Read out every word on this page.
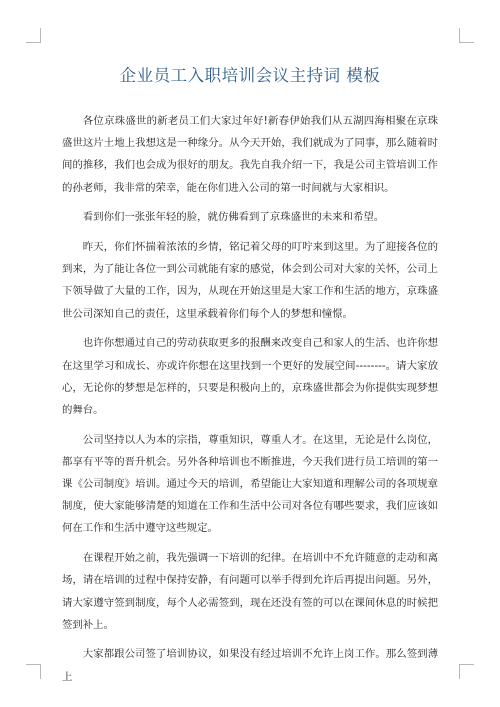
企业员工入职培训会议主持词 模板

各位京珠盛世的新老员工们大家过年好!新春伊始我们从五湖四海相聚在京珠盛世这片土地上我想这是一种缘分。从今天开始，我们就成为了同事，那么随着时间的推移，我们也会成为很好的朋友。我先自我介绍一下，我是公司主管培训工作的孙老师，我非常的荣幸，能在你们进入公司的第一时间就与大家相识。

看到你们一张张年轻的脸，就仿佛看到了京珠盛世的未来和希望。

昨天，你们怀揣着浓浓的乡情，铭记着父母的叮咛来到这里。为了迎接各位的到来，为了能让各位一到公司就能有家的感觉，体会到公司对大家的关怀，公司上下领导做了大量的工作，因为，从现在开始这里是大家工作和生活的地方，京珠盛世公司深知自己的责任，这里承载着你们每个人的梦想和憧憬。

也许你想通过自己的劳动获取更多的报酬来改变自己和家人的生活、也许你想在这里学习和成长、亦或许你想在这里找到一个更好的发展空间--------。请大家放心，无论你的梦想是怎样的，只要是积极向上的，京珠盛世都会为你提供实现梦想的舞台。

公司坚持以人为本的宗指，尊重知识，尊重人才。在这里，无论是什么岗位，都享有平等的晋升机会。另外各种培训也不断推进，今天我们进行员工培训的第一课《公司制度》培训。通过今天的培训，希望能让大家知道和理解公司的各项规章制度，使大家能够清楚的知道在工作和生活中公司对各位有哪些要求，我们应该如何在工作和生活中遵守这些规定。

在课程开始之前，我先强调一下培训的纪律。在培训中不允许随意的走动和离场，请在培训的过程中保持安静，有问题可以举手得到允许后再提出问题。另外，请大家遵守签到制度，每个人必需签到，现在还没有签的可以在课间休息的时候把签到补上。

大家都跟公司签了培训协议，如果没有经过培训不允许上岗工作。那么签到薄上
